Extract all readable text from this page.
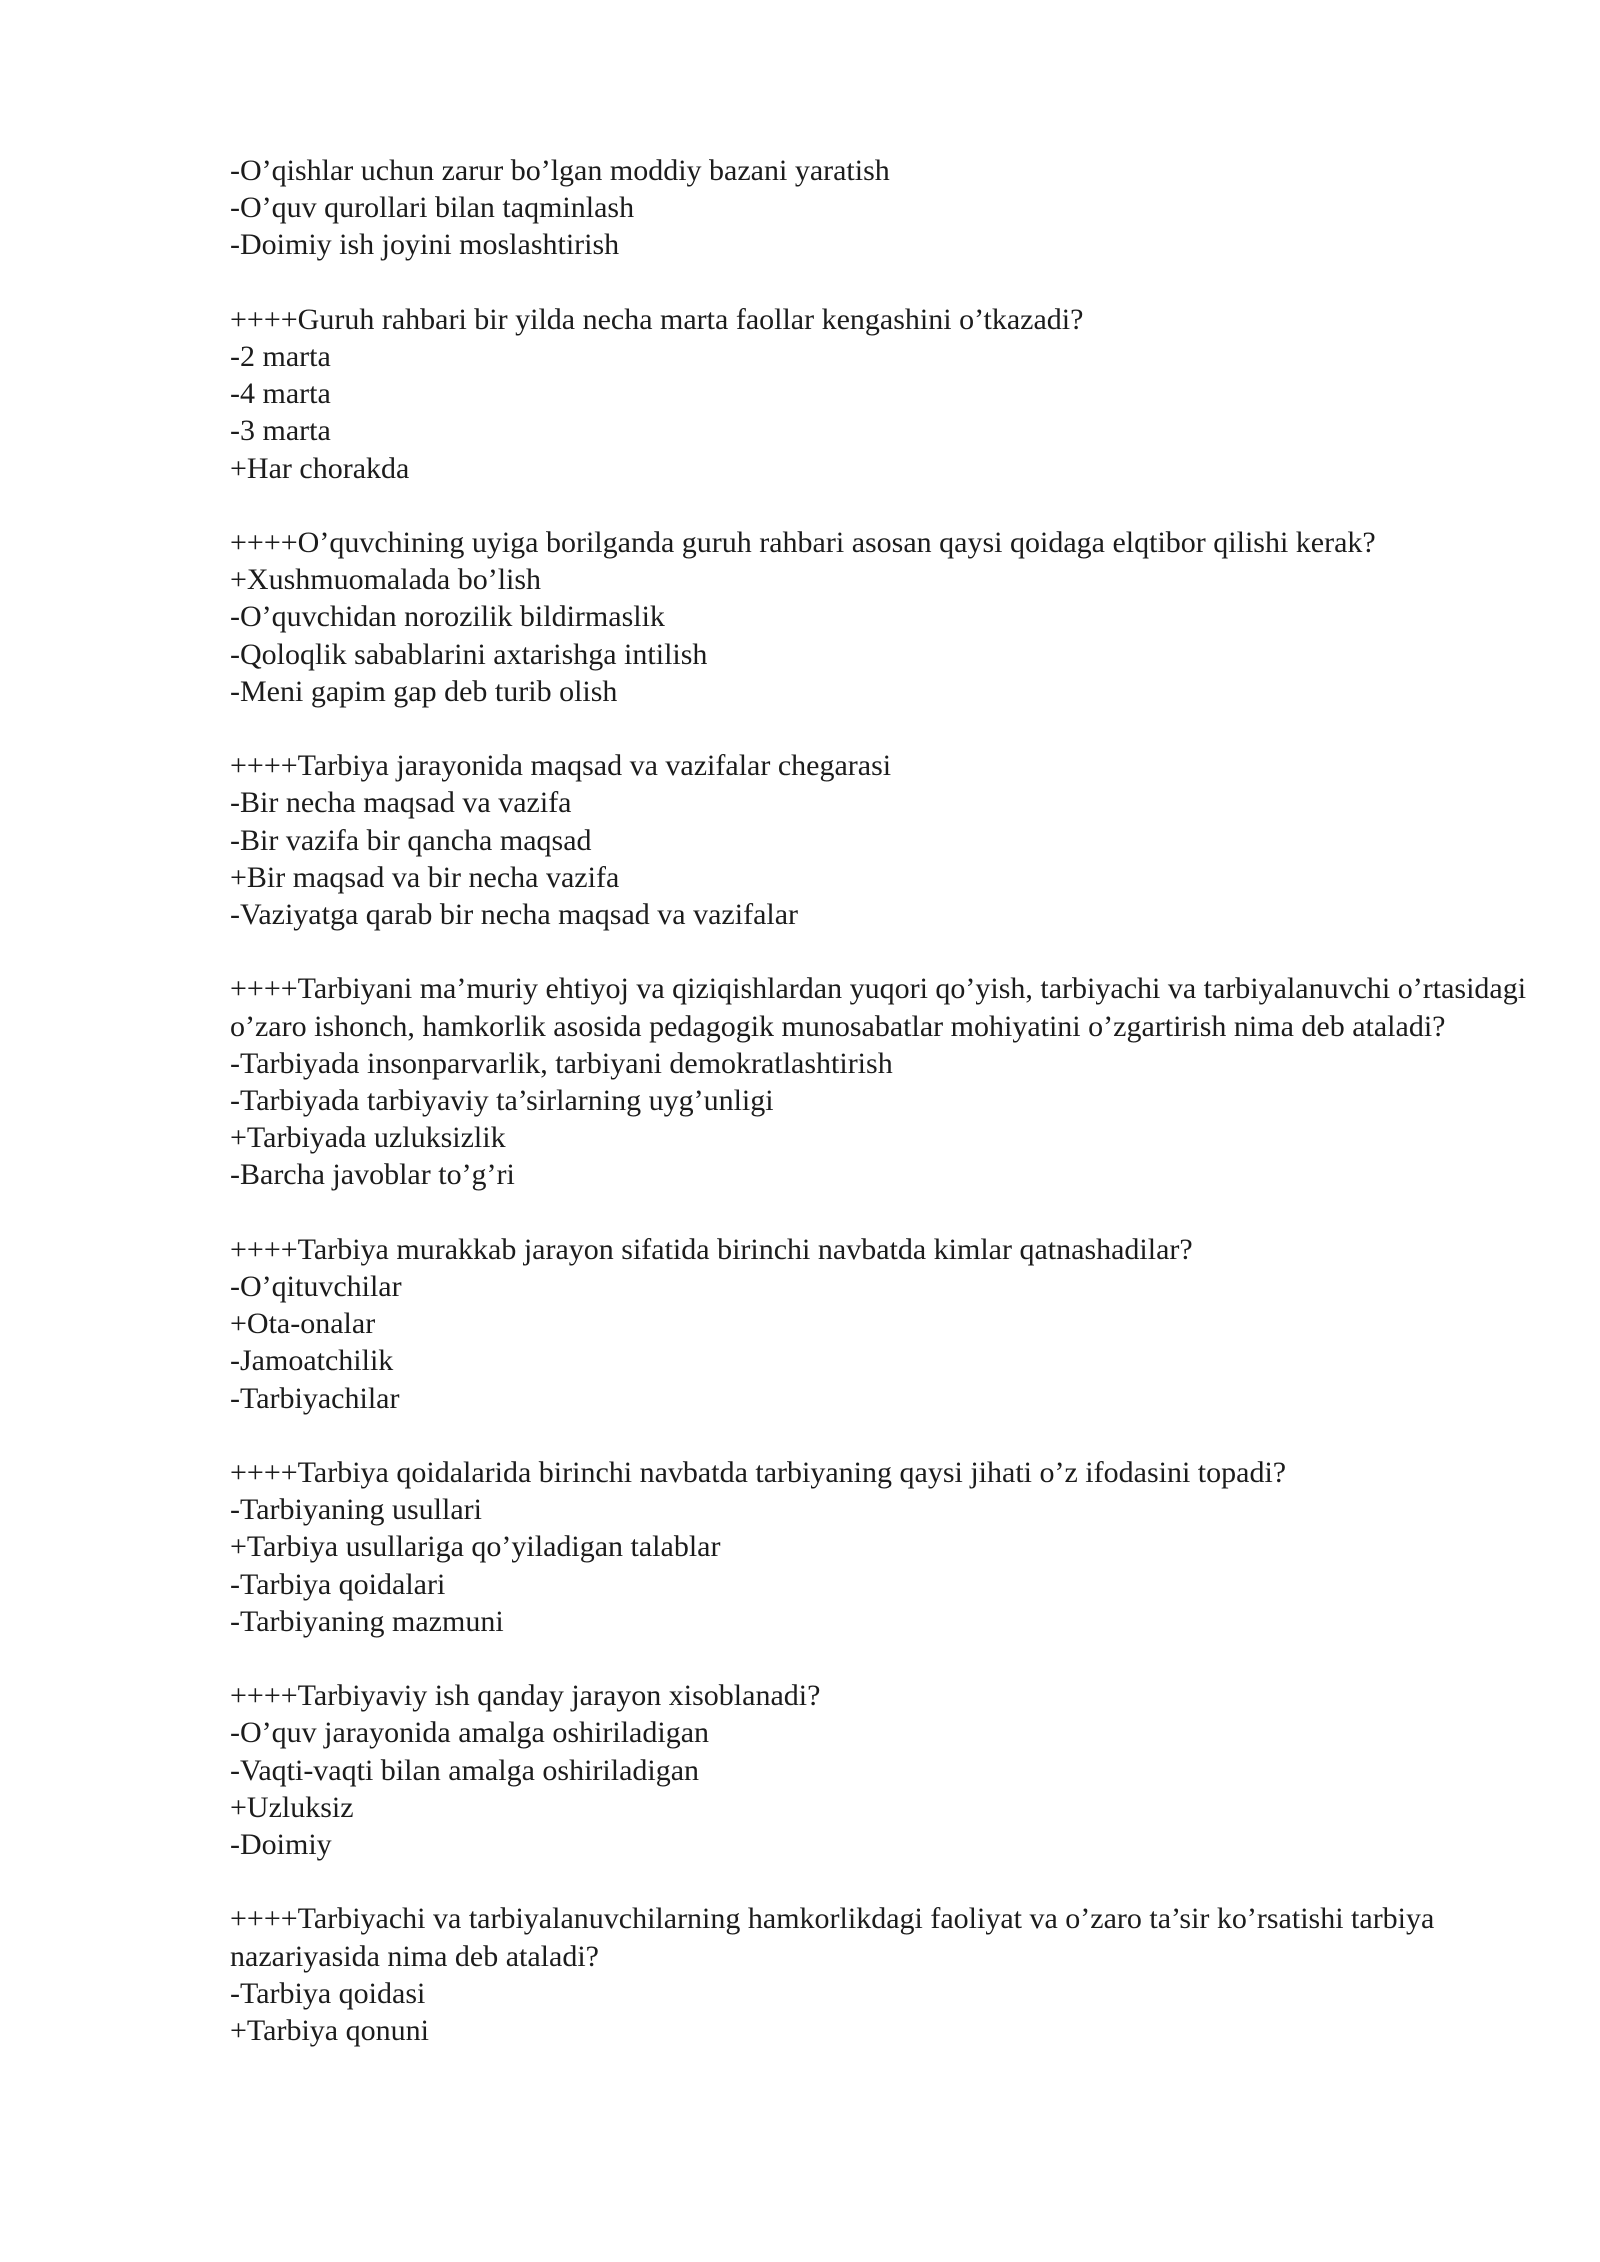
-O’qishlar uchun zarur bo’lgan moddiy bazani yaratish
-O’quv qurollari bilan taqminlash
-Doimiy ish joyini moslashtirish
++++Guruh rahbari bir yilda necha marta faollar kengashini o’tkazadi?
-2 marta
-4 marta
-3 marta
+Har chorakda
++++O’quvchining uyiga borilganda guruh rahbari asosan qaysi qoidaga elqtibor qilishi kerak?
+Xushmuomalada bo’lish
-O’quvchidan norozilik bildirmaslik
-Qoloqlik sabablarini axtarishga intilish
-Meni gapim gap deb turib olish
++++Tarbiya jarayonida maqsad va vazifalar chegarasi
-Bir necha maqsad va vazifa
-Bir vazifa bir qancha maqsad
+Bir maqsad va bir necha vazifa
-Vaziyatga qarab bir necha maqsad va vazifalar
++++Tarbiyani ma’muriy ehtiyoj va qiziqishlardan yuqori qo’yish, tarbiyachi va tarbiyalanuvchi o’rtasidagi o’zaro ishonch, hamkorlik asosida pedagogik munosabatlar mohiyatini o’zgartirish nima deb ataladi?
-Tarbiyada insonparvarlik, tarbiyani demokratlashtirish
-Tarbiyada tarbiyaviy ta’sirlarning uyg’unligi
+Tarbiyada uzluksizlik
-Barcha javoblar to’g’ri
++++Tarbiya murakkab jarayon sifatida birinchi navbatda kimlar qatnashadilar?
-O’qituvchilar
+Ota-onalar
-Jamoatchilik
-Tarbiyachilar
++++Tarbiya qoidalarida birinchi navbatda tarbiyaning qaysi jihati o’z ifodasini topadi?
-Tarbiyaning usullari
+Tarbiya usullariga qo’yiladigan talablar
-Tarbiya qoidalari
-Tarbiyaning mazmuni
++++Tarbiyaviy ish qanday jarayon xisoblanadi?
-O’quv jarayonida amalga oshiriladigan
-Vaqti-vaqti bilan amalga oshiriladigan
+Uzluksiz
-Doimiy
++++Tarbiyachi va tarbiyalanuvchilarning hamkorlikdagi faoliyat va o’zaro ta’sir ko’rsatishi tarbiya nazariyasida nima deb ataladi?
-Tarbiya qoidasi
+Tarbiya qonuni
